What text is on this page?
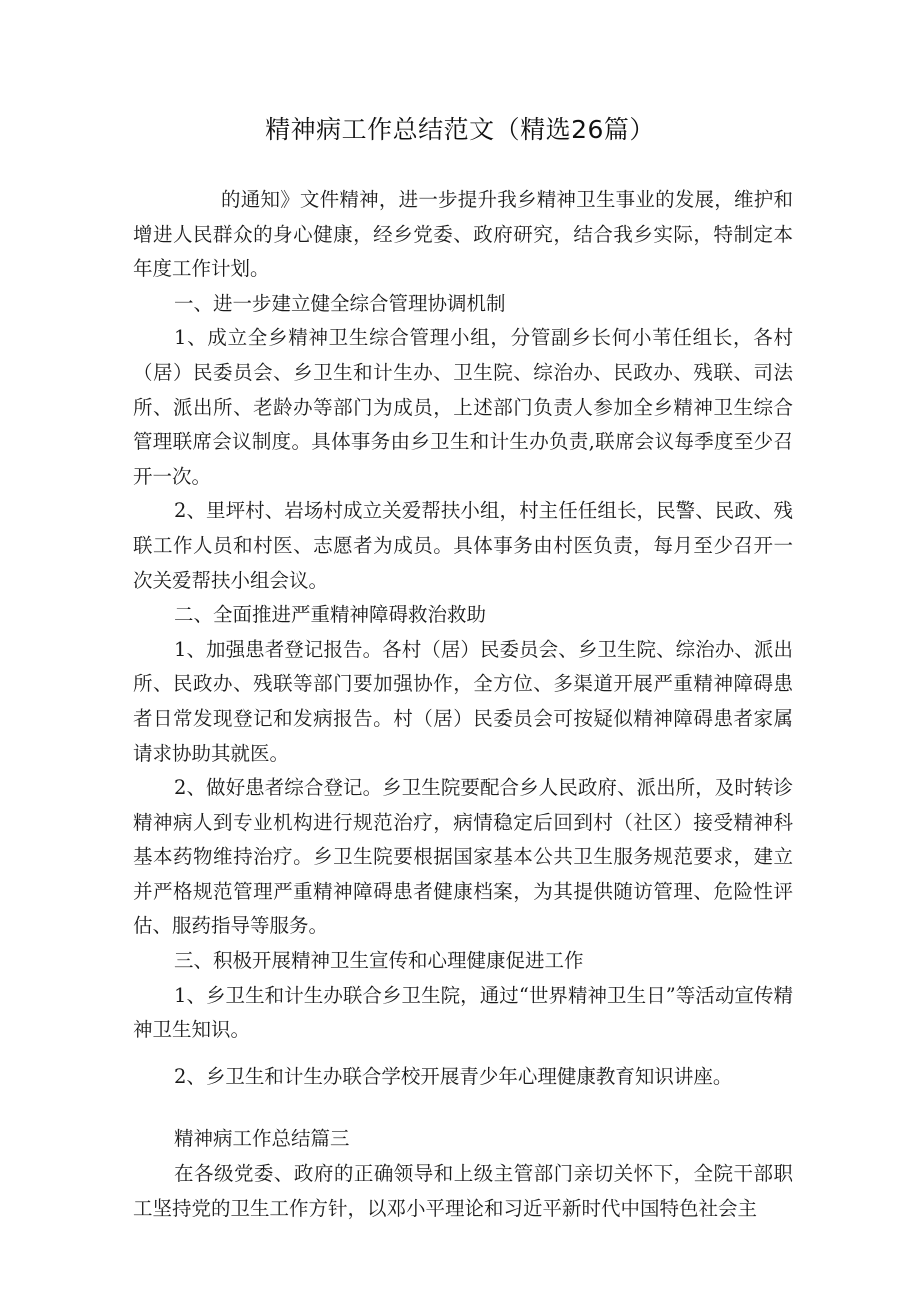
精神病工作总结范文（精选26篇）

的通知》文件精神，进一步提升我乡精神卫生事业的发展，维护和增进人民群众的身心健康，经乡党委、政府研究，结合我乡实际，特制定本年度工作计划。

一、进一步建立健全综合管理协调机制

1、成立全乡精神卫生综合管理小组，分管副乡长何小苇任组长，各村（居）民委员会、乡卫生和计生办、卫生院、综治办、民政办、残联、司法所、派出所、老龄办等部门为成员，上述部门负责人参加全乡精神卫生综合管理联席会议制度。具体事务由乡卫生和计生办负责,联席会议每季度至少召开一次。

2、里坪村、岩场村成立关爱帮扶小组，村主任任组长，民警、民政、残联工作人员和村医、志愿者为成员。具体事务由村医负责，每月至少召开一次关爱帮扶小组会议。

二、全面推进严重精神障碍救治救助

1、加强患者登记报告。各村（居）民委员会、乡卫生院、综治办、派出所、民政办、残联等部门要加强协作，全方位、多渠道开展严重精神障碍患者日常发现登记和发病报告。村（居）民委员会可按疑似精神障碍患者家属请求协助其就医。

2、做好患者综合登记。乡卫生院要配合乡人民政府、派出所，及时转诊精神病人到专业机构进行规范治疗，病情稳定后回到村（社区）接受精神科基本药物维持治疗。乡卫生院要根据国家基本公共卫生服务规范要求，建立并严格规范管理严重精神障碍患者健康档案，为其提供随访管理、危险性评估、服药指导等服务。

三、积极开展精神卫生宣传和心理健康促进工作

1、乡卫生和计生办联合乡卫生院，通过“世界精神卫生日”等活动宣传精神卫生知识。

2、乡卫生和计生办联合学校开展青少年心理健康教育知识讲座。

精神病工作总结篇三

在各级党委、政府的正确领导和上级主管部门亲切关怀下，全院干部职工坚持党的卫生工作方针，以邓小平理论和习近平新时代中国特色社会主
